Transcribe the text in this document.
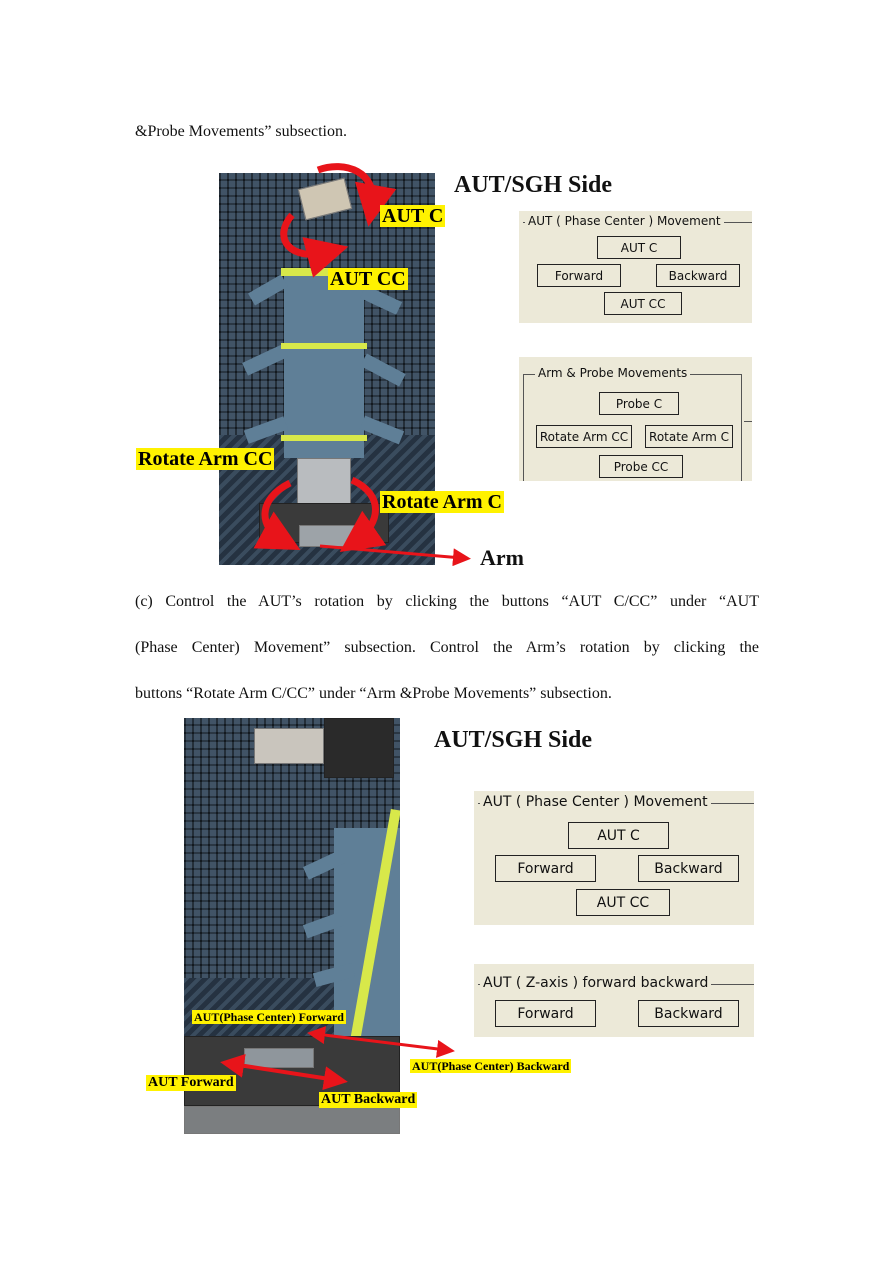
&Probe Movements” subsection.
AUT/SGH Side
AUT C
AUT CC
Rotate Arm CC
Rotate Arm C
Arm
AUT ( Phase Center ) Movement
AUT C
Forward	Backward
AUT CC
Arm & Probe Movements
Probe C
Rotate Arm CC	Rotate Arm C
Probe CC
(c) Control the AUT’s rotation by clicking the buttons “AUT C/CC” under “AUT
(Phase Center) Movement” subsection. Control the Arm’s rotation by clicking the
buttons “Rotate Arm C/CC” under “Arm &Probe Movements” subsection.
AUT/SGH Side
AUT(Phase Center) Forward
AUT(Phase Center) Backward
AUT Forward
AUT Backward
AUT ( Phase Center ) Movement
AUT C
Forward	Backward
AUT CC
AUT ( Z-axis ) forward backward
Forward	Backward
